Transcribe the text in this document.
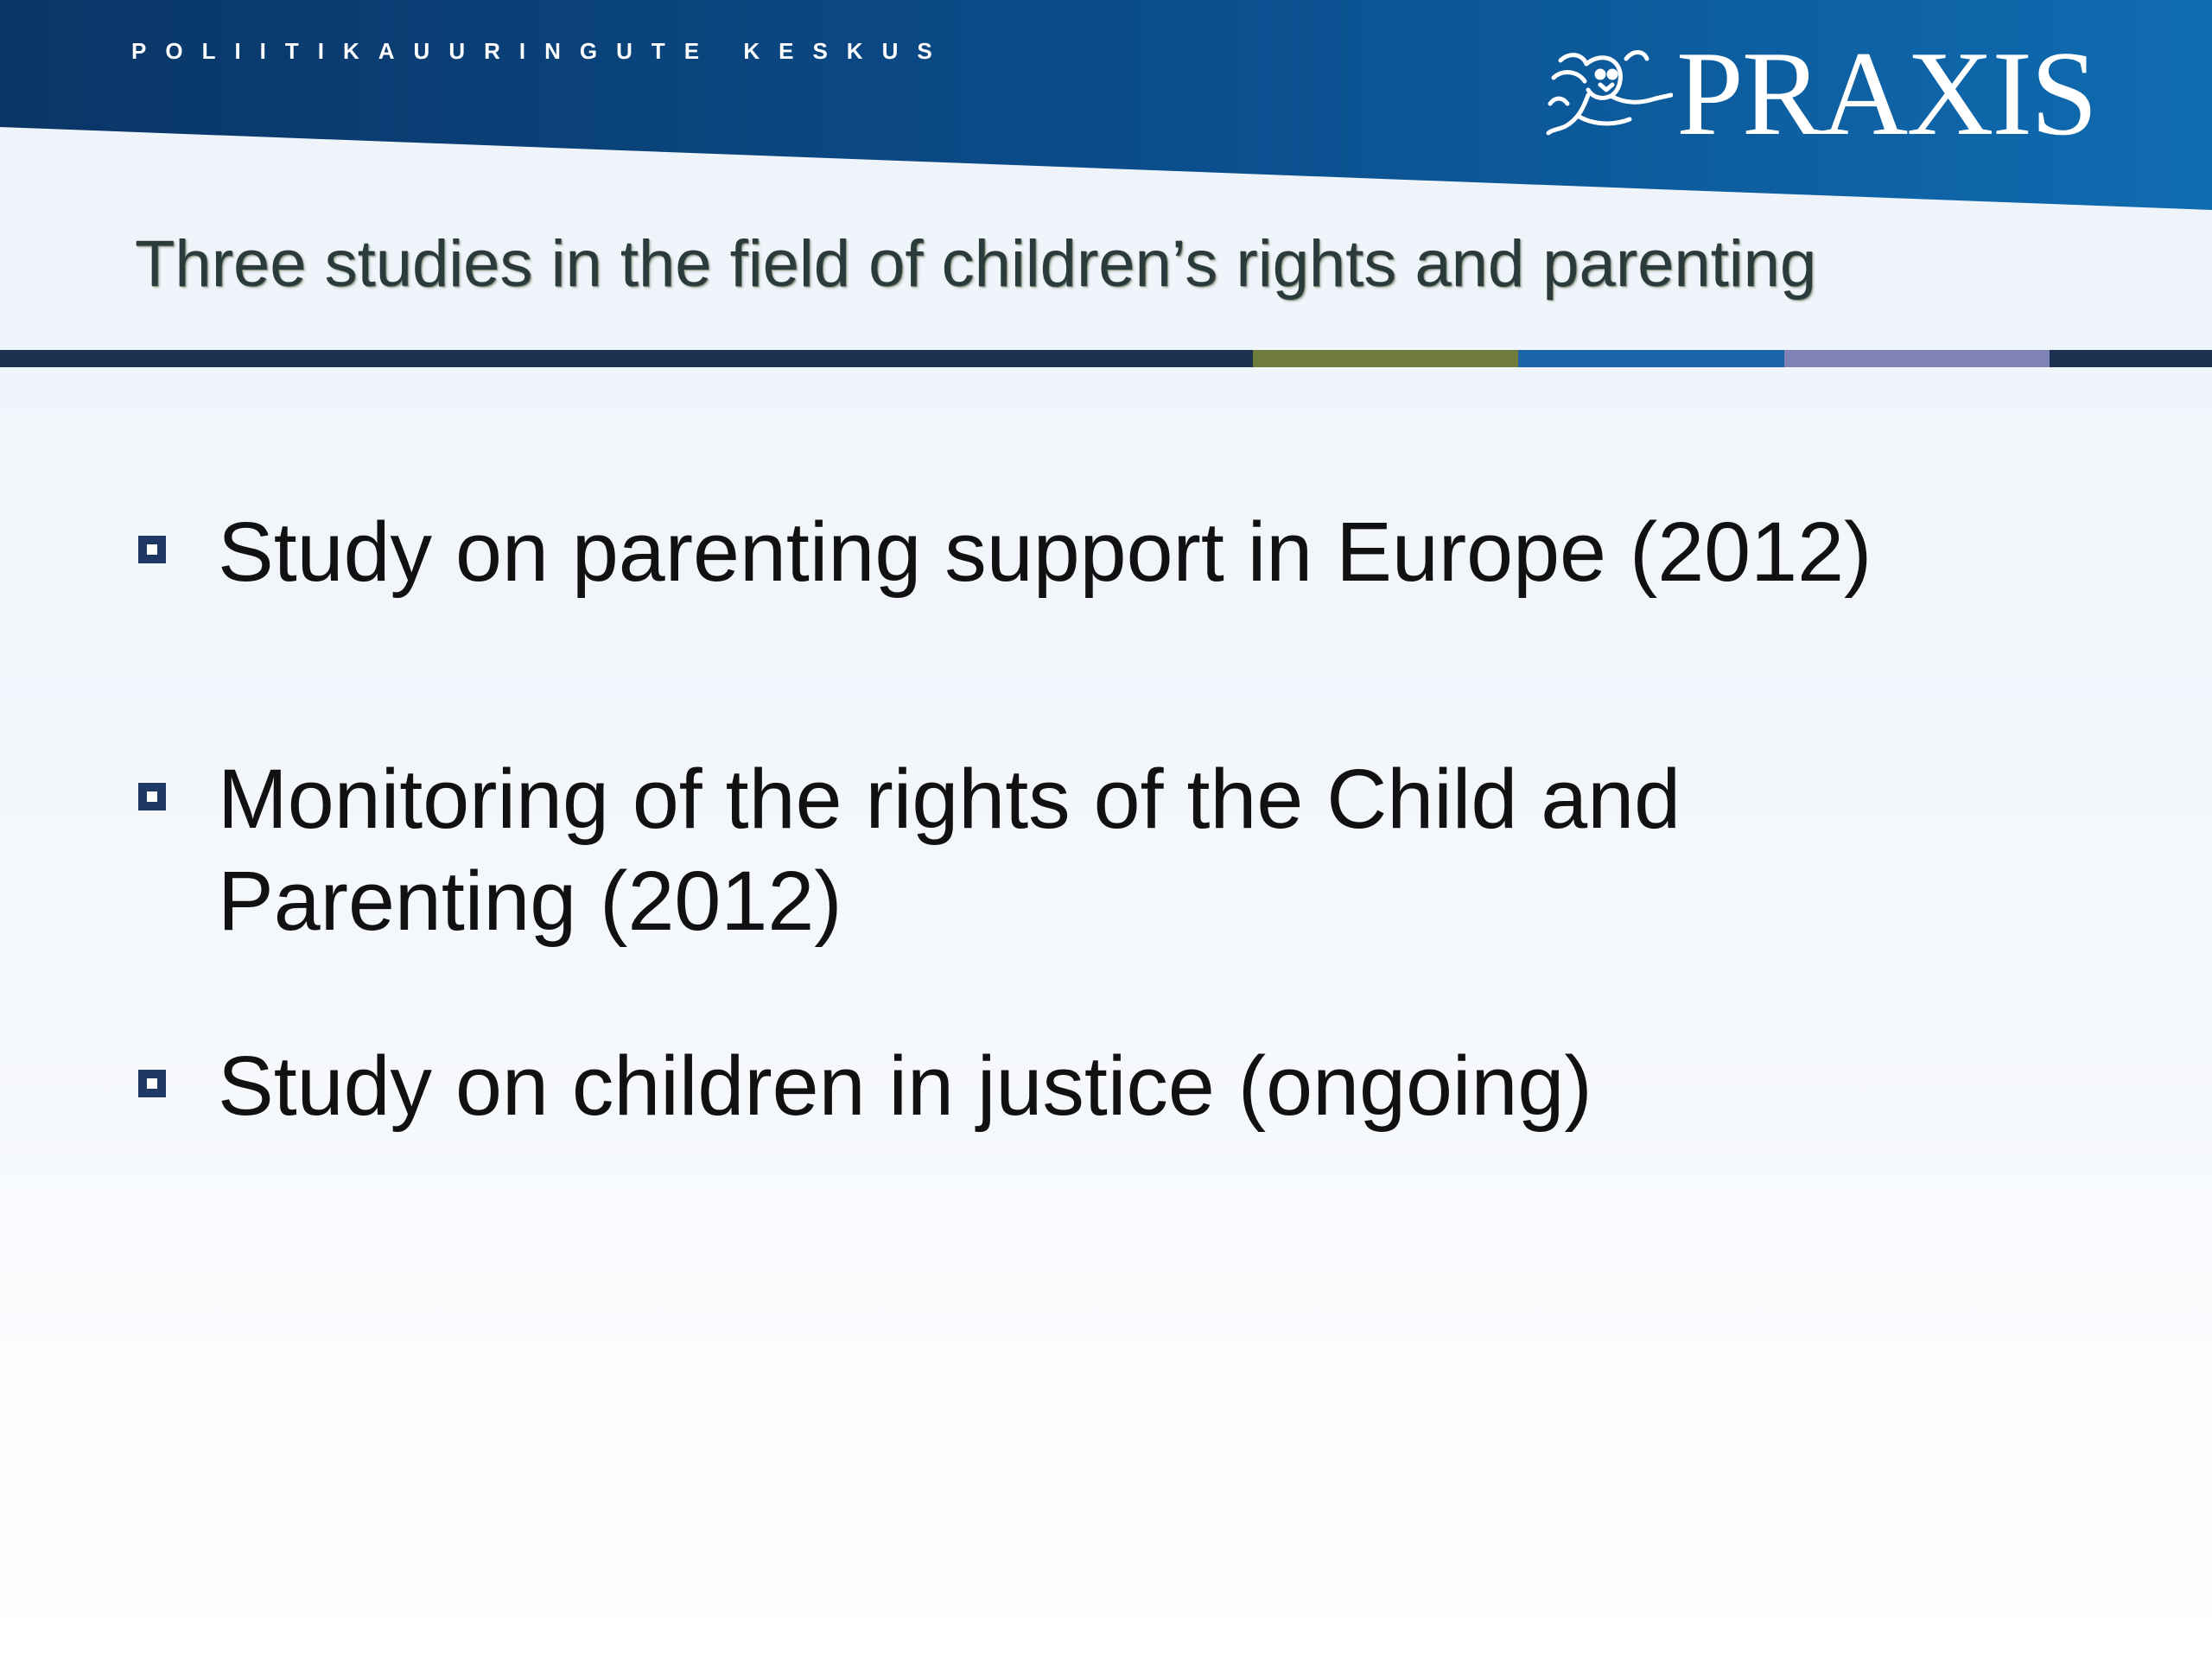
POLIITIKAUURINGUTE KESKUS	PRAXIS
Three studies in the field of children’s rights and parenting
Study on parenting support in Europe (2012)
Monitoring of the rights of the Child and Parenting (2012)
Study on children in justice (ongoing)
